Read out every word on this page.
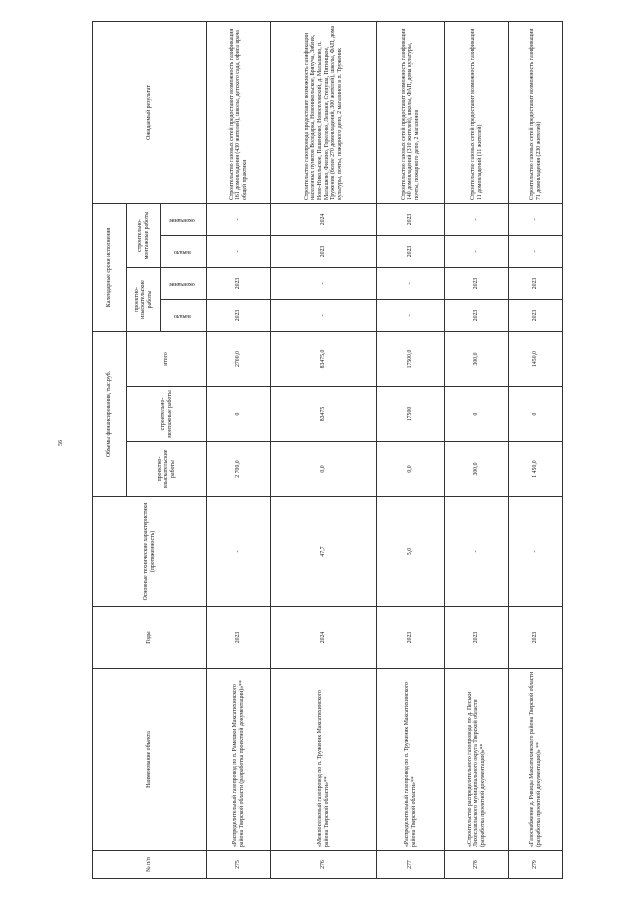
56
№ п/п	Наименование объекта	Годы	Основные технические характеристики (протяженность)	Объемы финансирования, тыс.руб.			Календарные сроки исполнения				Ожидаемый результат
				проектно-изыскательские работы	строительно-монтажные работы	итого	проектно-изыскательские работы		строительно-монтажные работы		
							начало	окончание	начало	окончание	
275	«Распределительный газопровод по п. Рамешки Максатихинского района Тверской области (разработка проектной документации)»**	2023	-	2 700,0	0	2700,0	2023	2023	-	-	Строительство газовых сетей предоставит возможность газификации 161 домовладения (430 жителей), школы, детского сада, офиса врача общей практики
276	«Межпоселковый газопровод по п. Труженик Максатихинского района Тверской области»**	2024	47,7	0,0	83475	83475,0	-	-	2023	2024	Строительство газопровода предоставит возможность газификации населенных пунктов Володарка, Новоникольское, Бряхуча, Зяблек, Ново-Никольское, Пашенково, Новоселовский, д. Малышево, п. Малышево, Филино, Горелово, Лешаки, Степуша, Пятницкое, Труженик (более 270 домовладений, 300 жителей), школы, ФАП, дома культуры, почты, пожарного депо, 2 магазинов в п. Труженик
277	«Распределительный газопровод по п. Труженик Максатихинского района Тверской области»**	2023	5,0	0,0	17500	17500,0	-	-	2023	2023	Строительство газовых сетей предоставит возможность газификации 140 домовладений (310 жителей), школы, ФАП, дома культуры, почты, пожарного депо, 2 магазинов
278	«Строительство распределительного газопровода по д. Песьки Лихославльского муниципального округа Тверской области (разработка проектной документации)»**	2023	-	300,0	0	300,0	2023	2023	-	-	Строительство газовых сетей предоставит возможность газификации 11 домовладений (11 жителей)
279	«Газоснабжение д. Ривицы Максатихинского района Тверской области (разработка проектной документации)» **	2023	-	1 450,0	0	1450,0	2023	2023	-	-	Строительство газовых сетей предоставит возможность газификации 71 домовладения (230 жителей)
